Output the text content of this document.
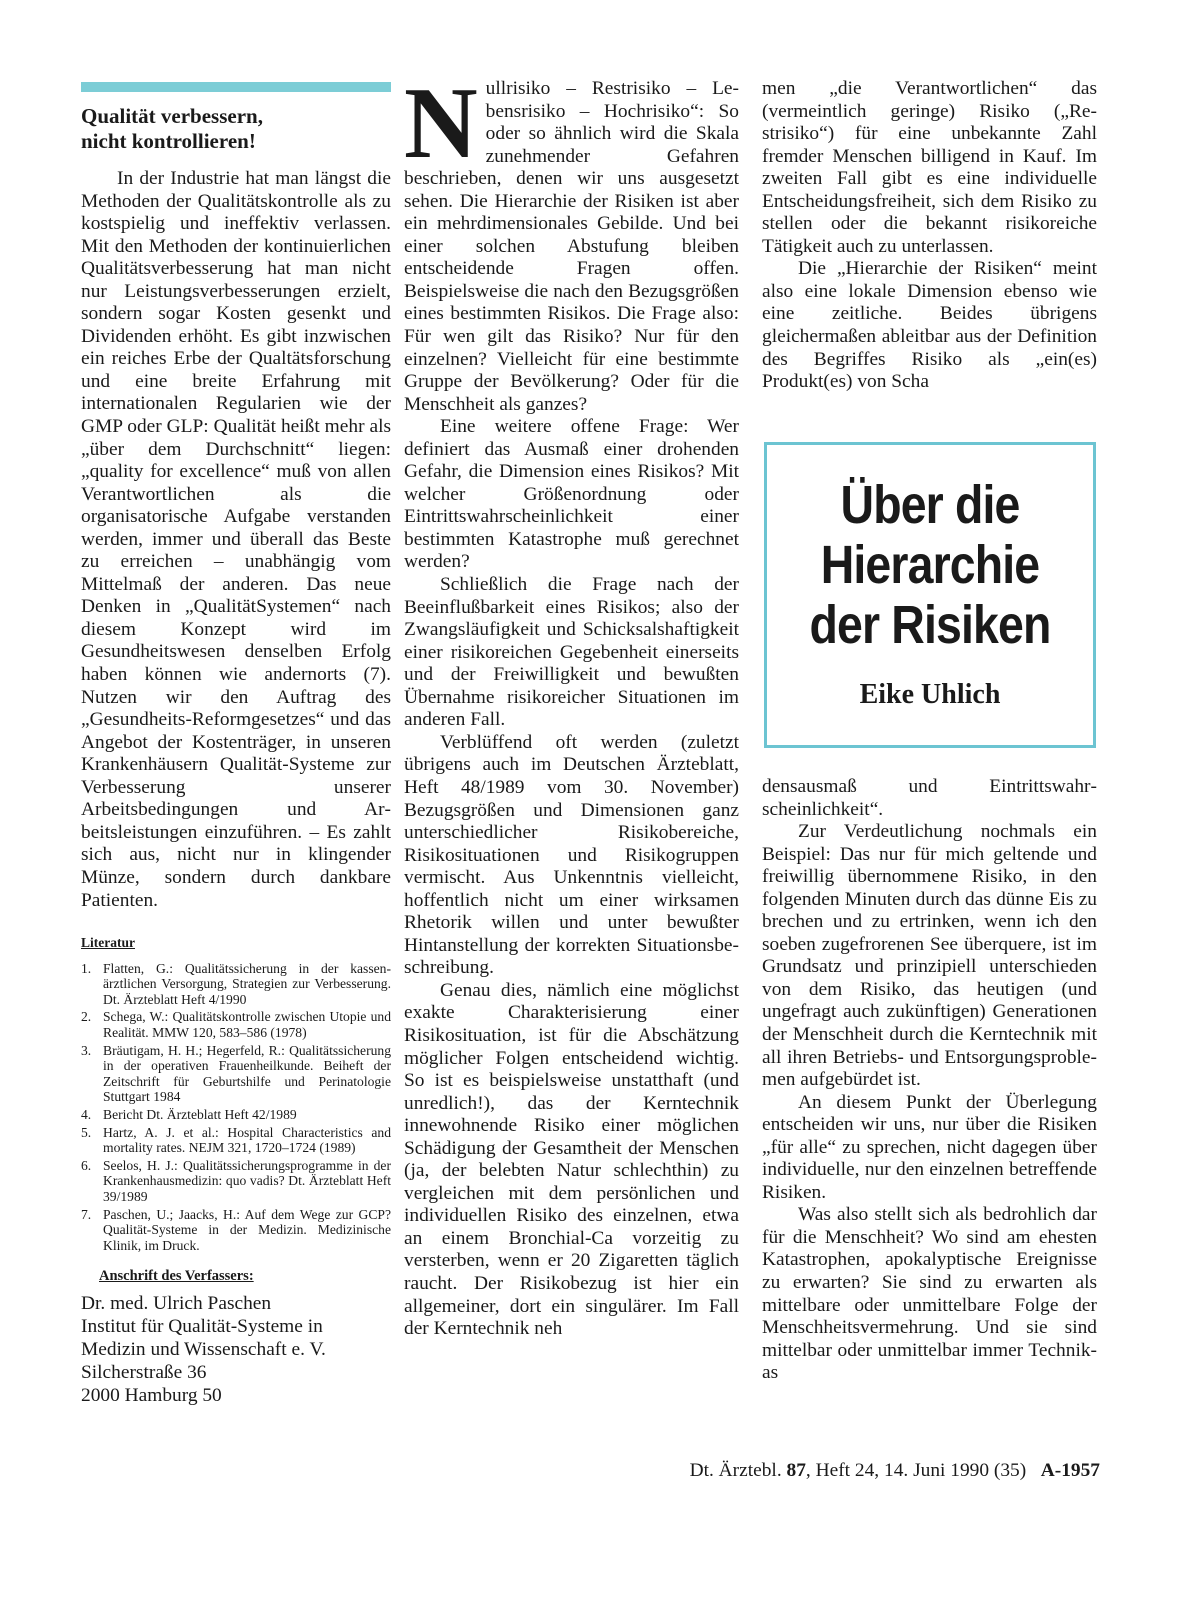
Qualität verbessern,
nicht kontrollieren!

In der Industrie hat man längst die Methoden der Qualitätskontrolle als zu kostspielig und ineffektiv verlassen. Mit den Methoden der kontinuierlichen Qualitätsverbesserung hat man nicht nur Leistungsverbesserungen erzielt, sondern sogar Kosten gesenkt und Dividenden erhöht. Es gibt inzwischen ein reiches Erbe der Qualtätsforschung und eine breite Erfahrung mit internationalen Regularien wie der GMP oder GLP: Qualität heißt mehr als „über dem Durchschnitt“ liegen: „quality for excellence“ muß von allen Verantwortlichen als die organisatorische Aufgabe verstanden werden, immer und überall das Beste zu erreichen – unabhängig vom Mittelmaß der anderen. Das neue Denken in „QualitätSystemen“ nach diesem Konzept wird im Gesundheitswesen denselben Erfolg haben können wie andernorts (7). Nutzen wir den Auftrag des „Gesundheits-Reformgesetzes“ und das Angebot der Kostenträger, in unseren Krankenhäusern Qualität-Systeme zur Verbesserung unserer Arbeitsbedingungen und Arbeitsleistungen einzuführen. – Es zahlt sich aus, nicht nur in klingender Münze, sondern durch dankbare Patienten.

Literatur
1. Flatten, G.: Qualitätssicherung in der kassenärztlichen Versorgung, Strategien zur Verbesserung. Dt. Ärzteblatt Heft 4/1990
2. Schega, W.: Qualitätskontrolle zwischen Utopie und Realität. MMW 120, 583–586 (1978)
3. Bräutigam, H. H.; Hegerfeld, R.: Qualitätssicherung in der operativen Frauenheilkunde. Beiheft der Zeitschrift für Geburtshilfe und Perinatologie Stuttgart 1984
4. Bericht Dt. Ärzteblatt Heft 42/1989
5. Hartz, A. J. et al.: Hospital Characteristics and mortality rates. NEJM 321, 1720–1724 (1989)
6. Seelos, H. J.: Qualitätssicherungsprogramme in der Krankenhausmedizin: quo vadis? Dt. Ärzteblatt Heft 39/1989
7. Paschen, U.; Jaacks, H.: Auf dem Wege zur GCP? Qualität-Systeme in der Medizin. Medizinische Klinik, im Druck.
Anschrift des Verfassers:
Dr. med. Ulrich Paschen
Institut für Qualität-Systeme in
Medizin und Wissenschaft e. V.
Silcherstraße 36
2000 Hamburg 50

Nullrisiko – Restrisiko – Lebensrisiko – Hochrisiko“: So oder so ähnlich wird die Skala zunehmender Gefahren beschrieben, denen wir uns ausgesetzt sehen. Die Hierarchie der Risiken ist aber ein mehrdimensionales Gebilde. Und bei einer solchen Abstufung bleiben entscheidende Fragen offen. Beispielsweise die nach den Bezugsgrößen eines bestimmten Risikos. Die Frage also: Für wen gilt das Risiko? Nur für den einzelnen? Vielleicht für eine bestimmte Gruppe der Bevölkerung? Oder für die Menschheit als ganzes?

Eine weitere offene Frage: Wer definiert das Ausmaß einer drohenden Gefahr, die Dimension eines Risikos? Mit welcher Größenordnung oder Eintrittswahrscheinlichkeit einer bestimmten Katastrophe muß gerechnet werden?

Schließlich die Frage nach der Beeinflußbarkeit eines Risikos; also der Zwangsläufigkeit und Schicksalshaftigkeit einer risikoreichen Gegebenheit einerseits und der Freiwilligkeit und bewußten Übernahme risikoreicher Situationen im anderen Fall.

Verblüffend oft werden (zuletzt übrigens auch im Deutschen Ärzteblatt, Heft 48/1989 vom 30. November) Bezugsgrößen und Dimensionen ganz unterschiedlicher Risikobereiche, Risikosituationen und Risikogruppen vermischt. Aus Unkenntnis vielleicht, hoffentlich nicht um einer wirksamen Rhetorik willen und unter bewußter Hintanstellung der korrekten Situationsbeschreibung.

Genau dies, nämlich eine möglichst exakte Charakterisierung einer Risikosituation, ist für die Abschätzung möglicher Folgen entscheidend wichtig. So ist es beispielsweise unstatthaft (und unredlich!), das der Kerntechnik innewohnende Risiko einer möglichen Schädigung der Gesamtheit der Menschen (ja, der belebten Natur schlechthin) zu vergleichen mit dem persönlichen und individuellen Risiko des einzelnen, etwa an einem Bronchial-Ca vorzeitig zu versterben, wenn er 20 Zigaretten täglich raucht. Der Risikobezug ist hier ein allgemeiner, dort ein singulärer. Im Fall der Kerntechnik neh

men „die Verantwortlichen“ das (vermeintlich geringe) Risiko („Restrisiko“) für eine unbekannte Zahl fremder Menschen billigend in Kauf. Im zweiten Fall gibt es eine individuelle Entscheidungsfreiheit, sich dem Risiko zu stellen oder die bekannt risikoreiche Tätigkeit auch zu unterlassen.

Die „Hierarchie der Risiken“ meint also eine lokale Dimension ebenso wie eine zeitliche. Beides übrigens gleichermaßen ableitbar aus der Definition des Begriffes Risiko als „ein(es) Produkt(es) von Scha

Über die
Hierarchie
der Risiken
Eike Uhlich

densausmaß und Eintrittswahrscheinlichkeit“.

Zur Verdeutlichung nochmals ein Beispiel: Das nur für mich geltende und freiwillig übernommene Risiko, in den folgenden Minuten durch das dünne Eis zu brechen und zu ertrinken, wenn ich den soeben zugefrorenen See überquere, ist im Grundsatz und prinzipiell unterschieden von dem Risiko, das heutigen (und ungefragt auch zukünftigen) Generationen der Menschheit durch die Kerntechnik mit all ihren Betriebs- und Entsorgungsproblemen aufgebürdet ist.

An diesem Punkt der Überlegung entscheiden wir uns, nur über die Risiken „für alle“ zu sprechen, nicht dagegen über individuelle, nur den einzelnen betreffende Risiken.

Was also stellt sich als bedrohlich dar für die Menschheit? Wo sind am ehesten Katastrophen, apokalyptische Ereignisse zu erwarten? Sie sind zu erwarten als mittelbare oder unmittelbare Folge der Menschheitsvermehrung. Und sie sind mittelbar oder unmittelbar immer Technik-as

Dt. Ärztebl. 87, Heft 24, 14. Juni 1990 (35) A-1957
